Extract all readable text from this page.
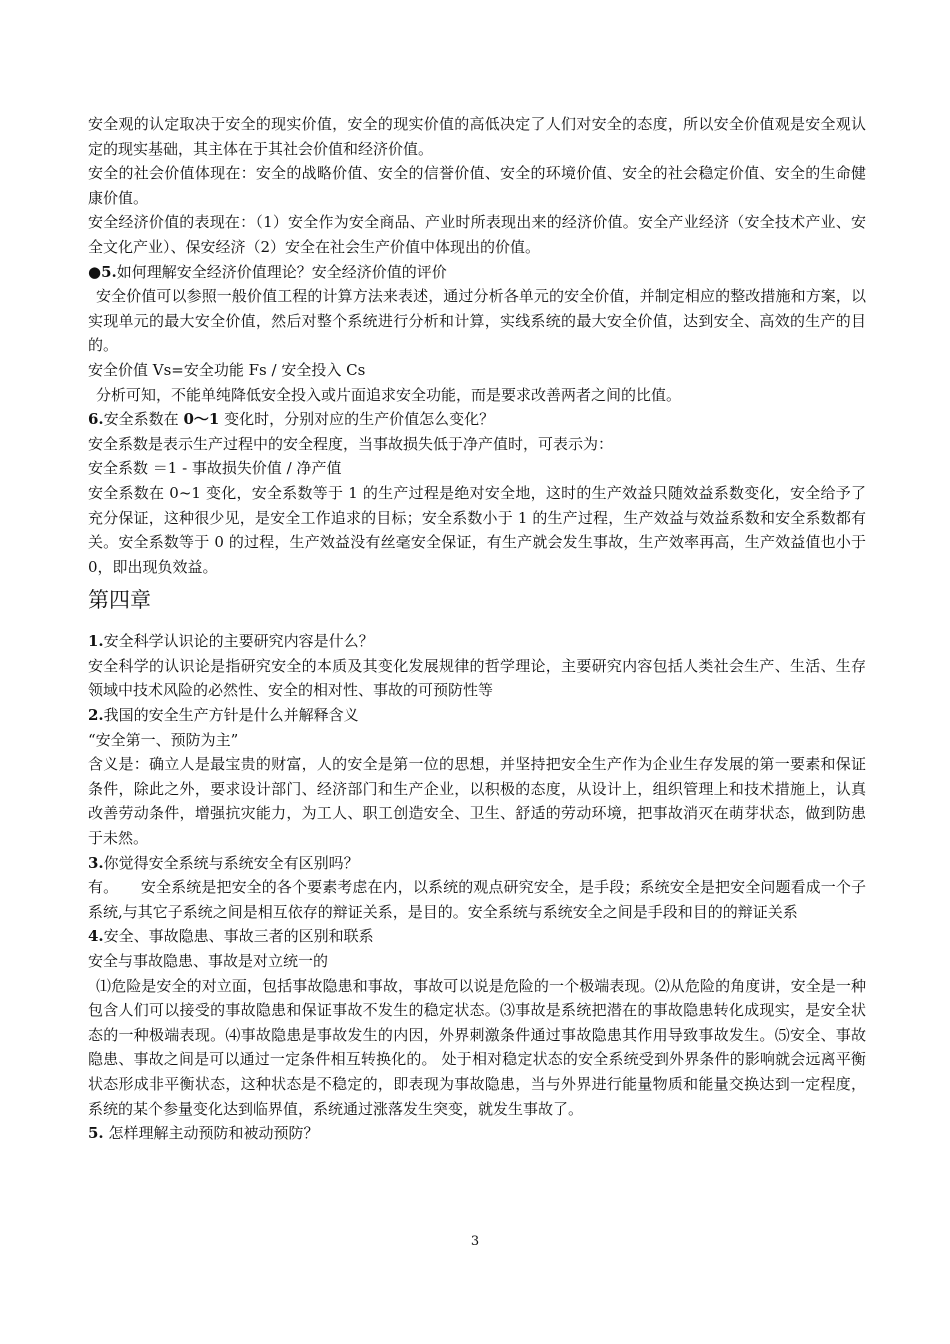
安全观的认定取决于安全的现实价值，安全的现实价值的高低决定了人们对安全的态度，所以安全价值观是安全观认定的现实基础，其主体在于其社会价值和经济价值。

安全的社会价值体现在：安全的战略价值、安全的信誉价值、安全的环境价值、安全的社会稳定价值、安全的生命健康价值。

安全经济价值的表现在：（1）安全作为安全商品、产业时所表现出来的经济价值。安全产业经济（安全技术产业、安全文化产业）、保安经济（2）安全在社会生产价值中体现出的价值。

●5.如何理解安全经济价值理论？安全经济价值的评价

安全价值可以参照一般价值工程的计算方法来表述，通过分析各单元的安全价值，并制定相应的整改措施和方案，以实现单元的最大安全价值，然后对整个系统进行分析和计算，实线系统的最大安全价值，达到安全、高效的生产的目的。

安全价值 Vs=安全功能 Fs / 安全投入 Cs

分析可知，不能单纯降低安全投入或片面追求安全功能，而是要求改善两者之间的比值。

6.安全系数在 0～1 变化时，分别对应的生产价值怎么变化？

安全系数是表示生产过程中的安全程度，当事故损失低于净产值时，可表示为：

安全系数 ＝1 - 事故损失价值 / 净产值

安全系数在 0~1 变化，安全系数等于 1 的生产过程是绝对安全地，这时的生产效益只随效益系数变化，安全给予了充分保证，这种很少见，是安全工作追求的目标；安全系数小于 1 的生产过程，生产效益与效益系数和安全系数都有关。安全系数等于 0 的过程，生产效益没有丝毫安全保证，有生产就会发生事故，生产效率再高，生产效益值也小于 0，即出现负效益。

第四章

1.安全科学认识论的主要研究内容是什么？

安全科学的认识论是指研究安全的本质及其变化发展规律的哲学理论，主要研究内容包括人类社会生产、生活、生存领域中技术风险的必然性、安全的相对性、事故的可预防性等

2.我国的安全生产方针是什么并解释含义

“安全第一、预防为主”

含义是：确立人是最宝贵的财富，人的安全是第一位的思想，并坚持把安全生产作为企业生存发展的第一要素和保证条件，除此之外，要求设计部门、经济部门和生产企业，以积极的态度，从设计上，组织管理上和技术措施上，认真改善劳动条件，增强抗灾能力，为工人、职工创造安全、卫生、舒适的劳动环境，把事故消灭在萌芽状态，做到防患于未然。

3.你觉得安全系统与系统安全有区别吗？

有。　　安全系统是把安全的各个要素考虑在内，以系统的观点研究安全，是手段；系统安全是把安全问题看成一个子系统,与其它子系统之间是相互依存的辩证关系，是目的。安全系统与系统安全之间是手段和目的的辩证关系

4.安全、事故隐患、事故三者的区别和联系

安全与事故隐患、事故是对立统一的

⑴危险是安全的对立面，包括事故隐患和事故，事故可以说是危险的一个极端表现。⑵从危险的角度讲，安全是一种包含人们可以接受的事故隐患和保证事故不发生的稳定状态。⑶事故是系统把潜在的事故隐患转化成现实，是安全状态的一种极端表现。⑷事故隐患是事故发生的内因，外界刺激条件通过事故隐患其作用导致事故发生。⑸安全、事故隐患、事故之间是可以通过一定条件相互转换化的。 处于相对稳定状态的安全系统受到外界条件的影响就会远离平衡状态形成非平衡状态，这种状态是不稳定的，即表现为事故隐患，当与外界进行能量物质和能量交换达到一定程度，系统的某个参量变化达到临界值，系统通过涨落发生突变，就发生事故了。

5. 怎样理解主动预防和被动预防？

3
